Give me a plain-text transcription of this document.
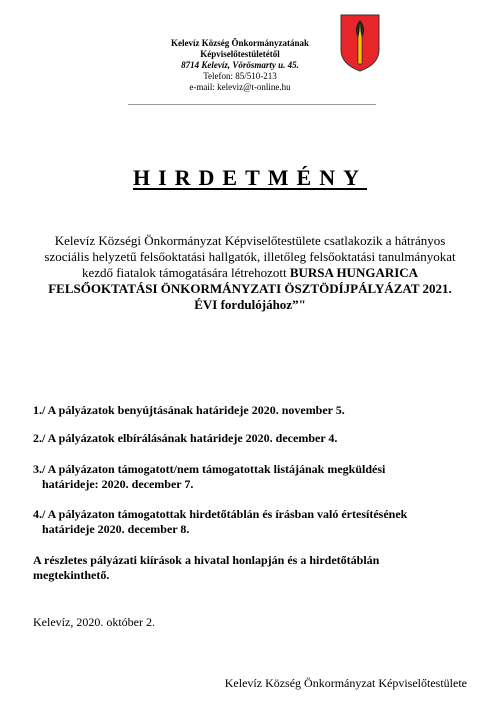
Kelevíz Község Önkormányzatának
Képviselőtestületétől
8714 Kelevíz, Vörösmarty u. 45.
Telefon: 85/510-213
e-mail: keleviz@t-online.hu
HIRDETMÉNY
Kelevíz Községi Önkormányzat Képviselőtestülete csatlakozik a hátrányos szociális helyzetű felsőoktatási hallgatók, illetőleg felsőoktatási tanulmányokat kezdő fiatalok támogatására létrehozott BURSA HUNGARICA FELSŐOKTATÁSI ÖNKORMÁNYZATI ÖSZTÖDÍJPÁLYÁZAT 2021. ÉVI fordulójához”"
1./ A pályázatok benyújtásának határideje 2020. november 5.
2./ A pályázatok elbírálásának határideje 2020. december 4.
3./ A pályázaton támogatott/nem támogatottak listájának megküldési
határideje: 2020. december 7.
4./ A pályázaton támogatottak hirdetőtáblán és írásban való értesítésének
határideje 2020. december 8.
A részletes pályázati kiírások a hivatal honlapján és a hirdetőtáblán megtekinthető.
Kelevíz, 2020. október 2.
Kelevíz Község Önkormányzat Képviselőtestülete
